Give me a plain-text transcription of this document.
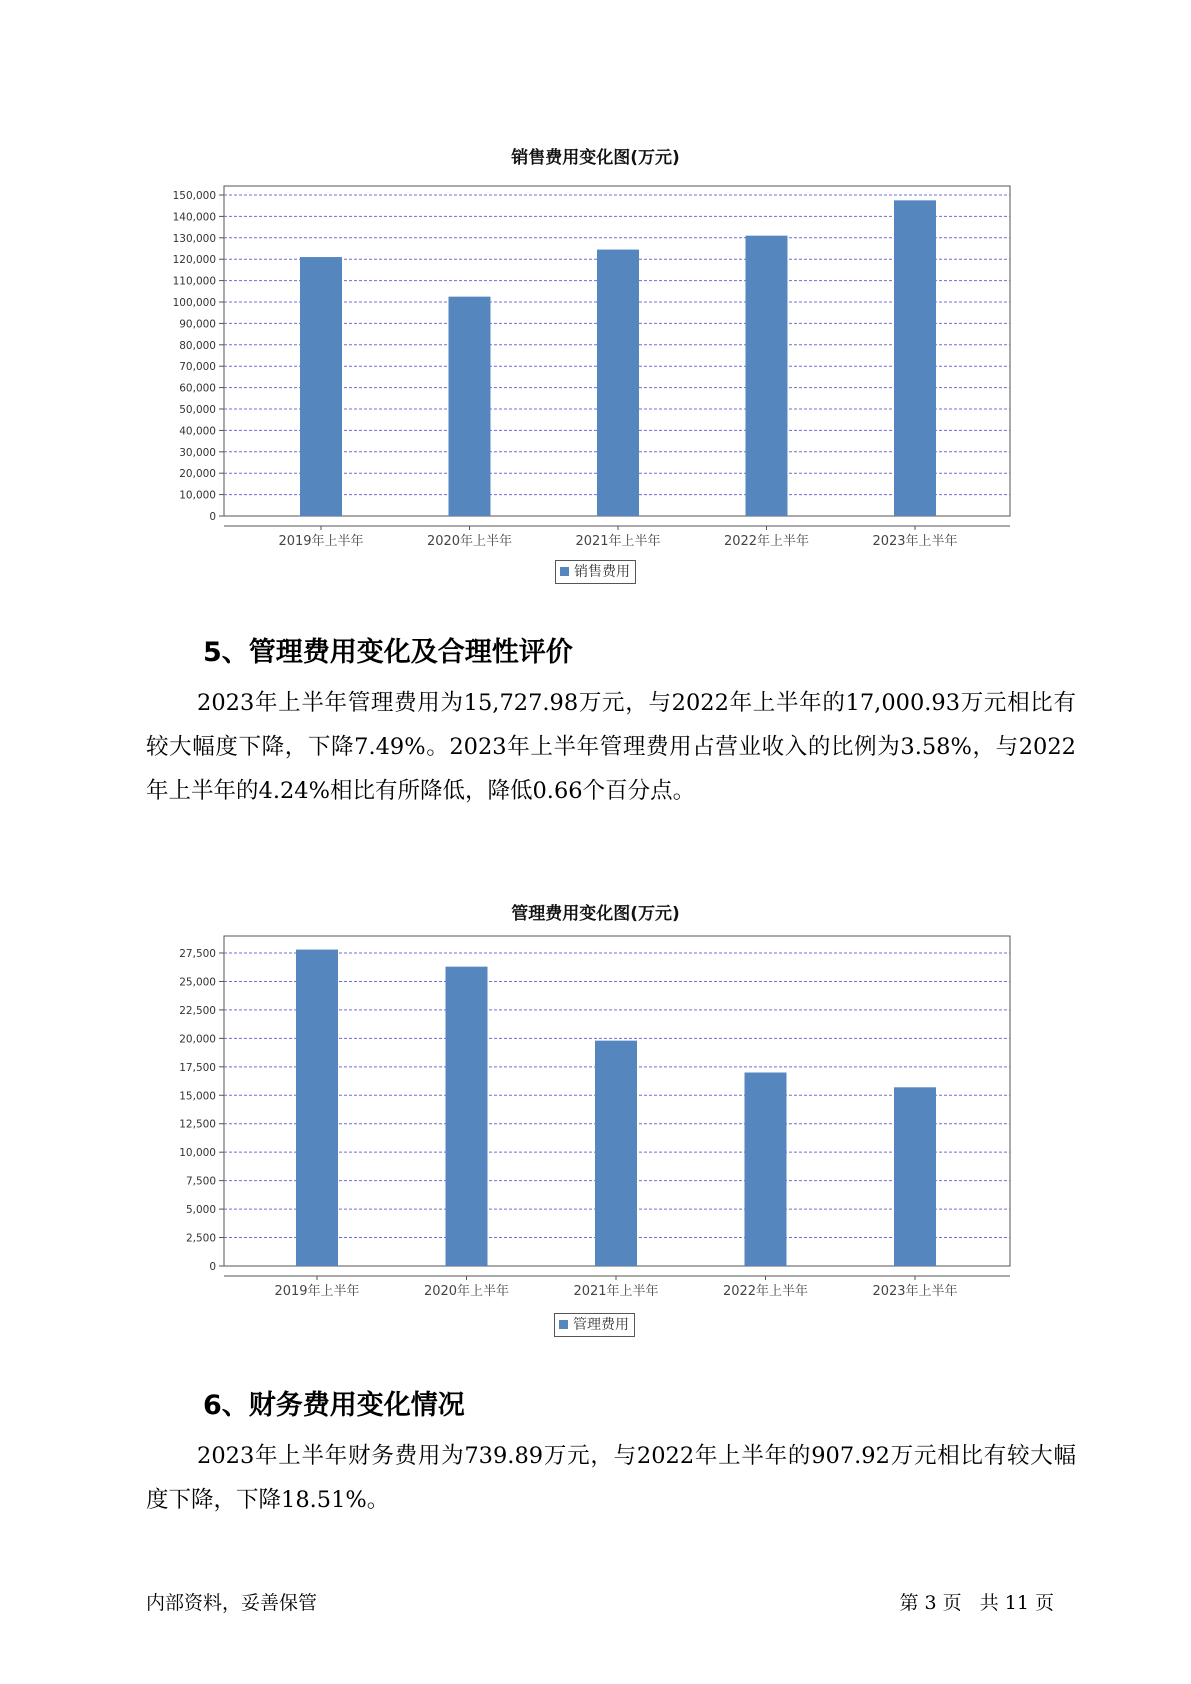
销售费用变化图(万元)
0
10,000
20,000
30,000
40,000
50,000
60,000
70,000
80,000
90,000
100,000
110,000
120,000
130,000
140,000
150,000
2019年上半年	2020年上半年	2021年上半年	2022年上半年	2023年上半年
销售费用
5、管理费用变化及合理性评价

2023年上半年管理费用为15,727.98万元，与2022年上半年的17,000.93万元相比有较大幅度下降，下降7.49%。2023年上半年管理费用占营业收入的比例为3.58%，与2022年上半年的4.24%相比有所降低，降低0.66个百分点。

管理费用变化图(万元)
0
2,500
5,000
7,500
10,000
12,500
15,000
17,500
20,000
22,500
25,000
27,500
2019年上半年	2020年上半年	2021年上半年	2022年上半年	2023年上半年
管理费用
6、财务费用变化情况

2023年上半年财务费用为739.89万元，与2022年上半年的907.92万元相比有较大幅度下降，下降18.51%。

内部资料，妥善保管	第 3 页   共 11 页
